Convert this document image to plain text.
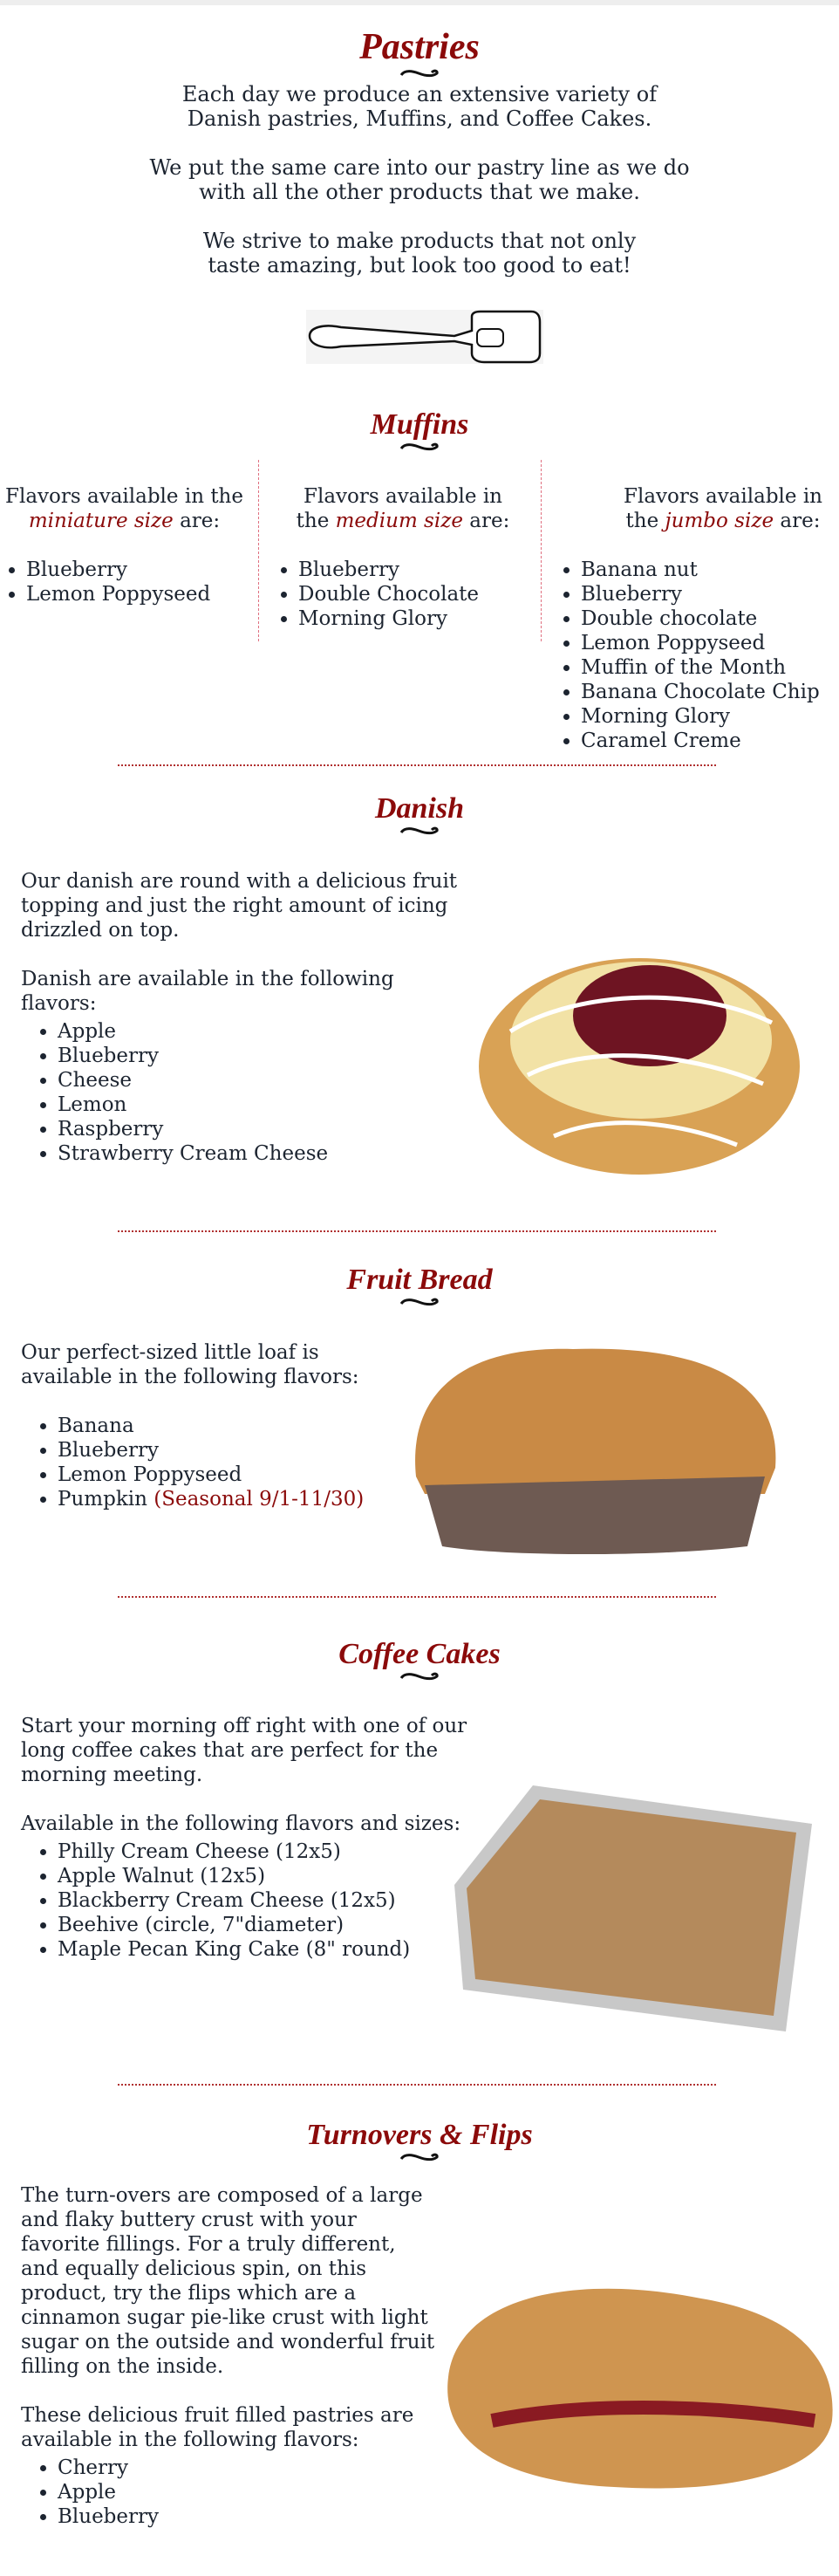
Pastries

Each day we produce an extensive variety of Danish pastries, Muffins, and Coffee Cakes.

We put the same care into our pastry line as we do with all the other products that we make.

We strive to make products that not only taste amazing, but look too good to eat!

Muffins
Flavors available in the miniature size are:
• Blueberry
• Lemon Poppyseed
Flavors available in the medium size are:
• Blueberry
• Double Chocolate
• Morning Glory
Flavors available in the jumbo size are:
• Banana nut
• Blueberry
• Double chocolate
• Lemon Poppyseed
• Muffin of the Month
• Banana Chocolate Chip
• Morning Glory
• Caramel Creme
Danish

Our danish are round with a delicious fruit topping and just the right amount of icing drizzled on top.

Danish are available in the following flavors:

• Apple
• Blueberry
• Cheese
• Lemon
• Raspberry
• Strawberry Cream Cheese
Fruit Bread

Our perfect-sized little loaf is available in the following flavors:

• Banana
• Blueberry
• Lemon Poppyseed
• Pumpkin (Seasonal 9/1-11/30)
Coffee Cakes

Start your morning off right with one of our long coffee cakes that are perfect for the morning meeting.

Available in the following flavors and sizes:

• Philly Cream Cheese (12x5)
• Apple Walnut (12x5)
• Blackberry Cream Cheese (12x5)
• Beehive (circle, 7"diameter)
• Maple Pecan King Cake (8" round)
Turnovers & Flips

The turn-overs are composed of a large and flaky buttery crust with your favorite fillings. For a truly different, and equally delicious spin, on this product, try the flips which are a cinnamon sugar pie-like crust with light sugar on the outside and wonderful fruit filling on the inside.

These delicious fruit filled pastries are available in the following flavors:

• Cherry
• Apple
• Blueberry
